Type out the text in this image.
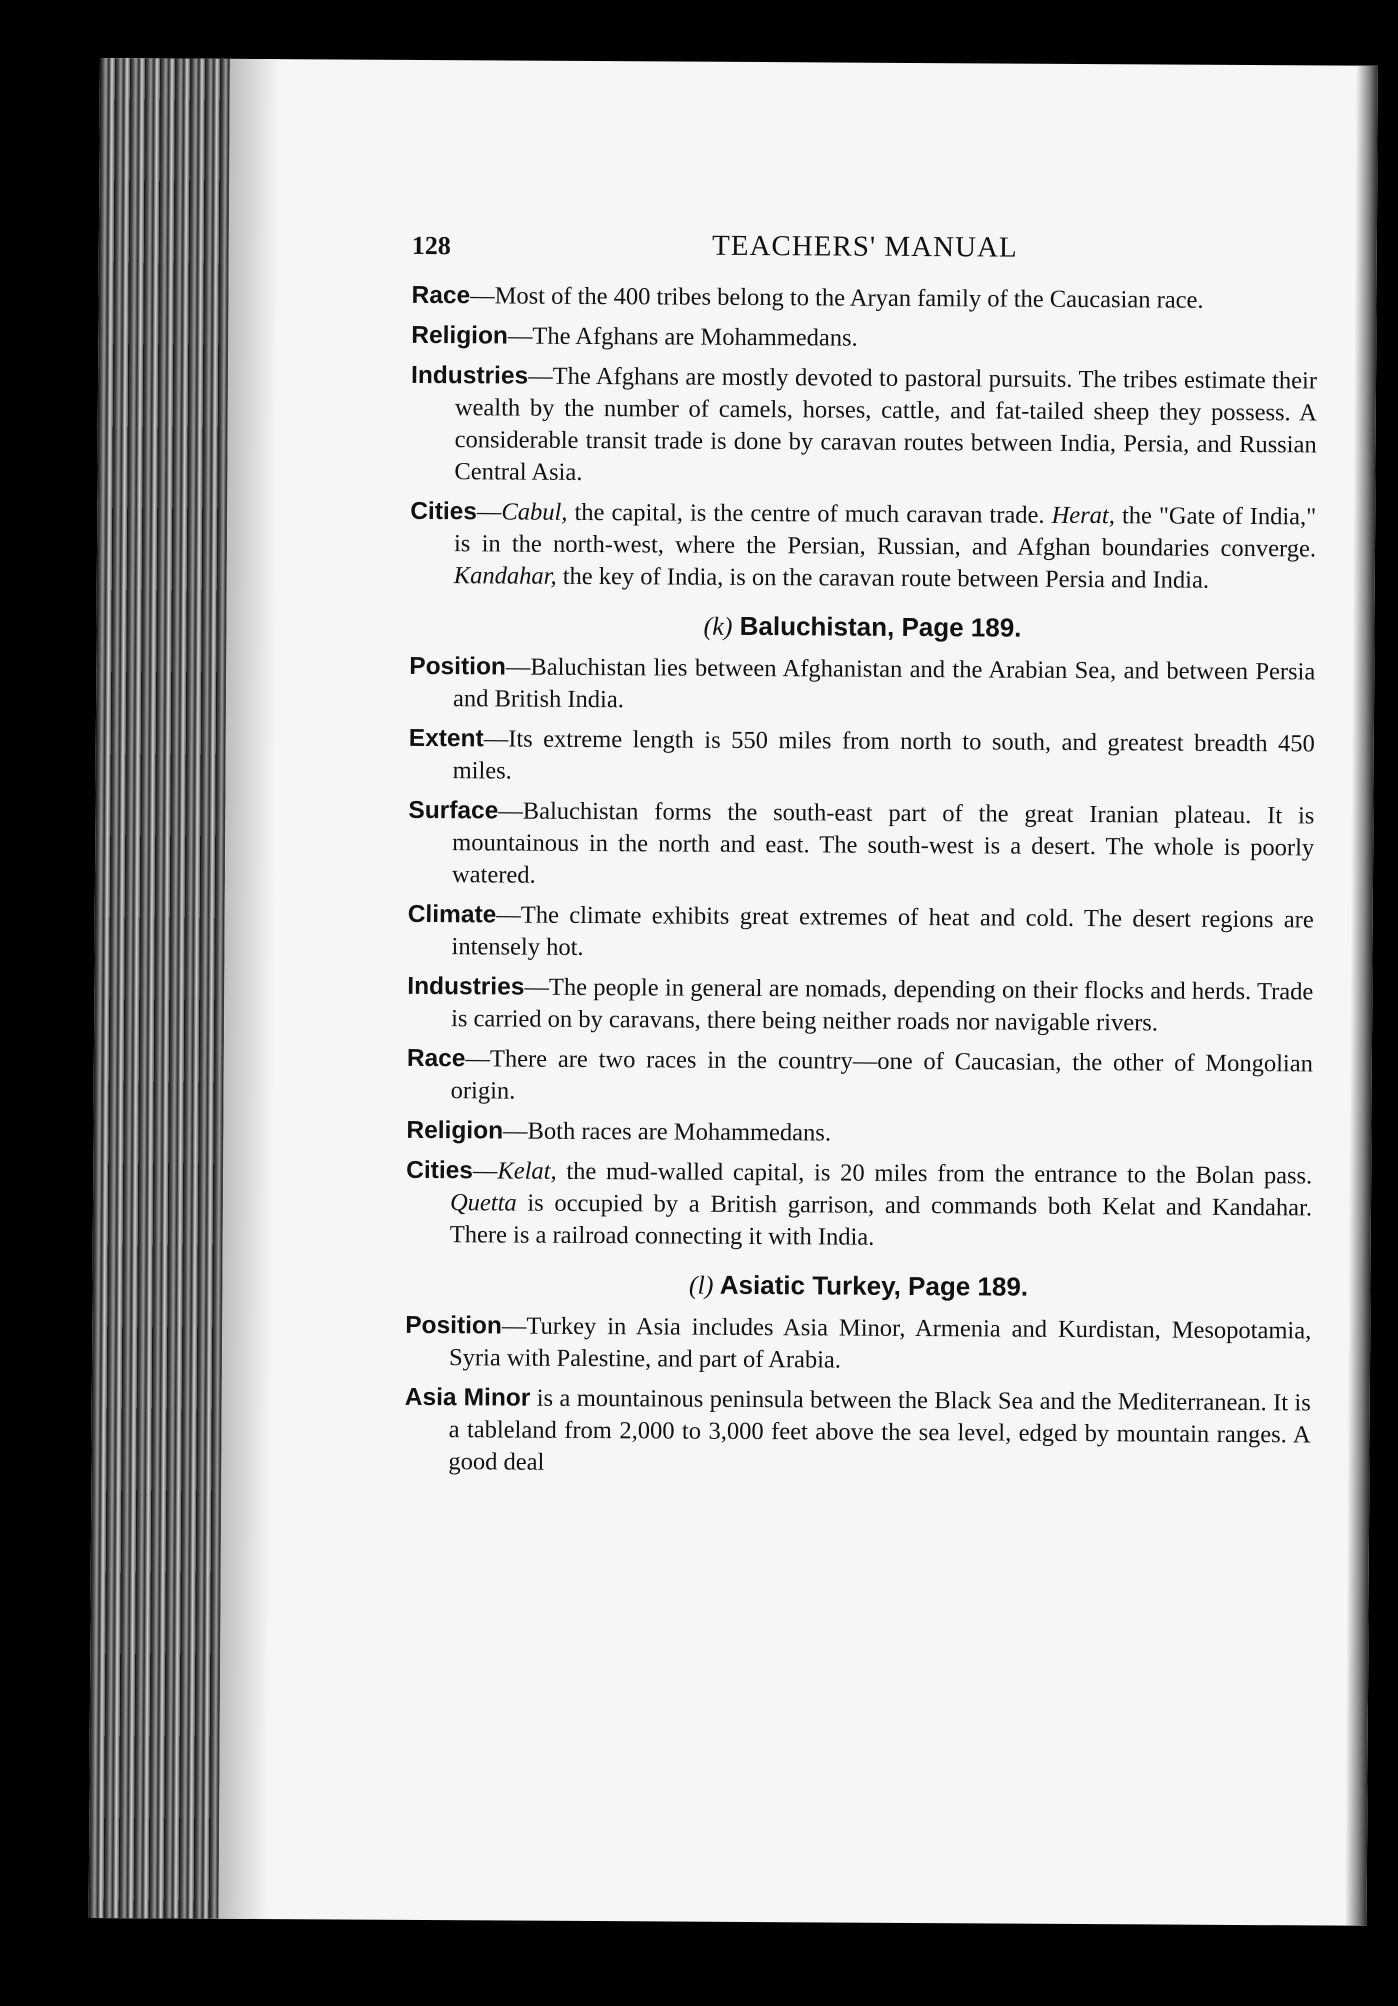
128	TEACHERS' MANUAL

Race—Most of the 400 tribes belong to the Aryan family of the Caucasian race.

Religion—The Afghans are Mohammedans.

Industries—The Afghans are mostly devoted to pastoral pursuits. The tribes estimate their wealth by the number of camels, horses, cattle, and fat-tailed sheep they possess. A considerable transit trade is done by caravan routes between India, Persia, and Russian Central Asia.

Cities—Cabul, the capital, is the centre of much caravan trade. Herat, the "Gate of India," is in the north-west, where the Persian, Russian, and Afghan boundaries converge. Kandahar, the key of India, is on the caravan route between Persia and India.

(k) Baluchistan, Page 189.

Position—Baluchistan lies between Afghanistan and the Arabian Sea, and between Persia and British India.

Extent—Its extreme length is 550 miles from north to south, and greatest breadth 450 miles.

Surface—Baluchistan forms the south-east part of the great Iranian plateau. It is mountainous in the north and east. The south-west is a desert. The whole is poorly watered.

Climate—The climate exhibits great extremes of heat and cold. The desert regions are intensely hot.

Industries—The people in general are nomads, depending on their flocks and herds. Trade is carried on by caravans, there being neither roads nor navigable rivers.

Race—There are two races in the country—one of Caucasian, the other of Mongolian origin.

Religion—Both races are Mohammedans.

Cities—Kelat, the mud-walled capital, is 20 miles from the entrance to the Bolan pass. Quetta is occupied by a British garrison, and commands both Kelat and Kandahar. There is a railroad connecting it with India.

(l) Asiatic Turkey, Page 189.

Position—Turkey in Asia includes Asia Minor, Armenia and Kurdistan, Mesopotamia, Syria with Palestine, and part of Arabia.

Asia Minor is a mountainous peninsula between the Black Sea and the Mediterranean. It is a tableland from 2,000 to 3,000 feet above the sea level, edged by mountain ranges. A good deal
